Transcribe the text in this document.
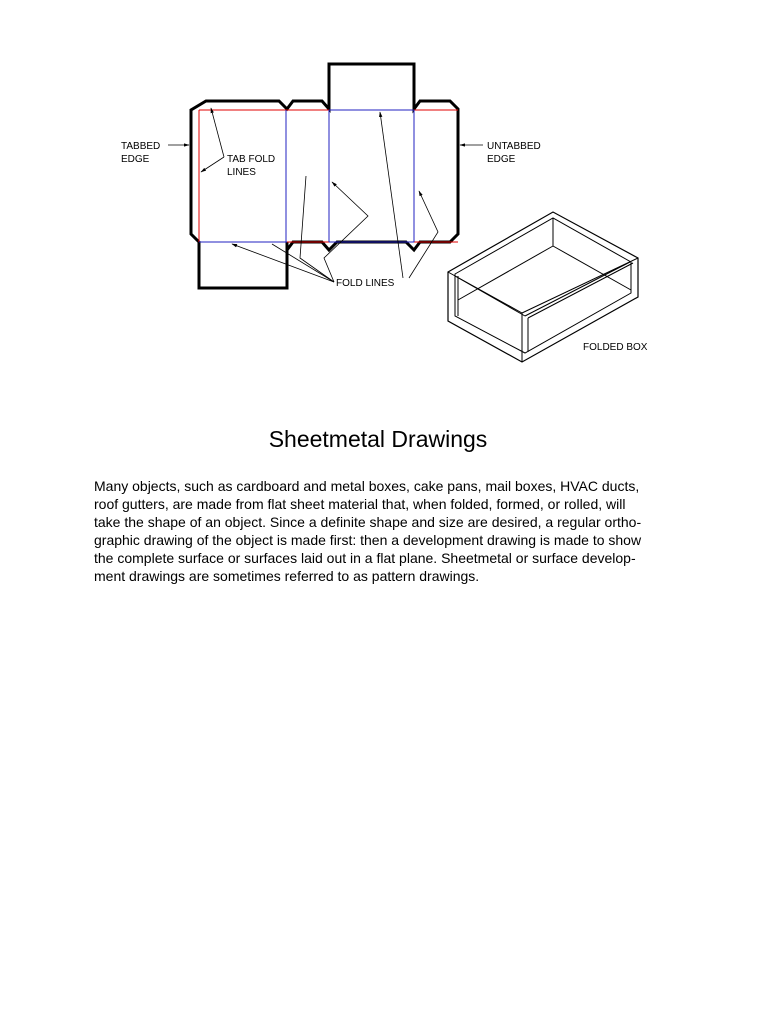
TABBED
EDGE	TAB FOLD
LINES
UNTABBED
EDGE
FOLD LINES
FOLDED BOX
Sheetmetal Drawings
Many objects, such as cardboard and metal boxes, cake pans, mail boxes, HVAC ducts,
roof gutters, are made from flat sheet material that, when folded, formed, or rolled, will
take the shape of an object. Since a definite shape and size are desired, a regular ortho-
graphic drawing of the object is made first: then a development drawing is made to show
the complete surface or surfaces laid out in a flat plane. Sheetmetal or surface develop-
ment drawings are sometimes referred to as pattern drawings.
